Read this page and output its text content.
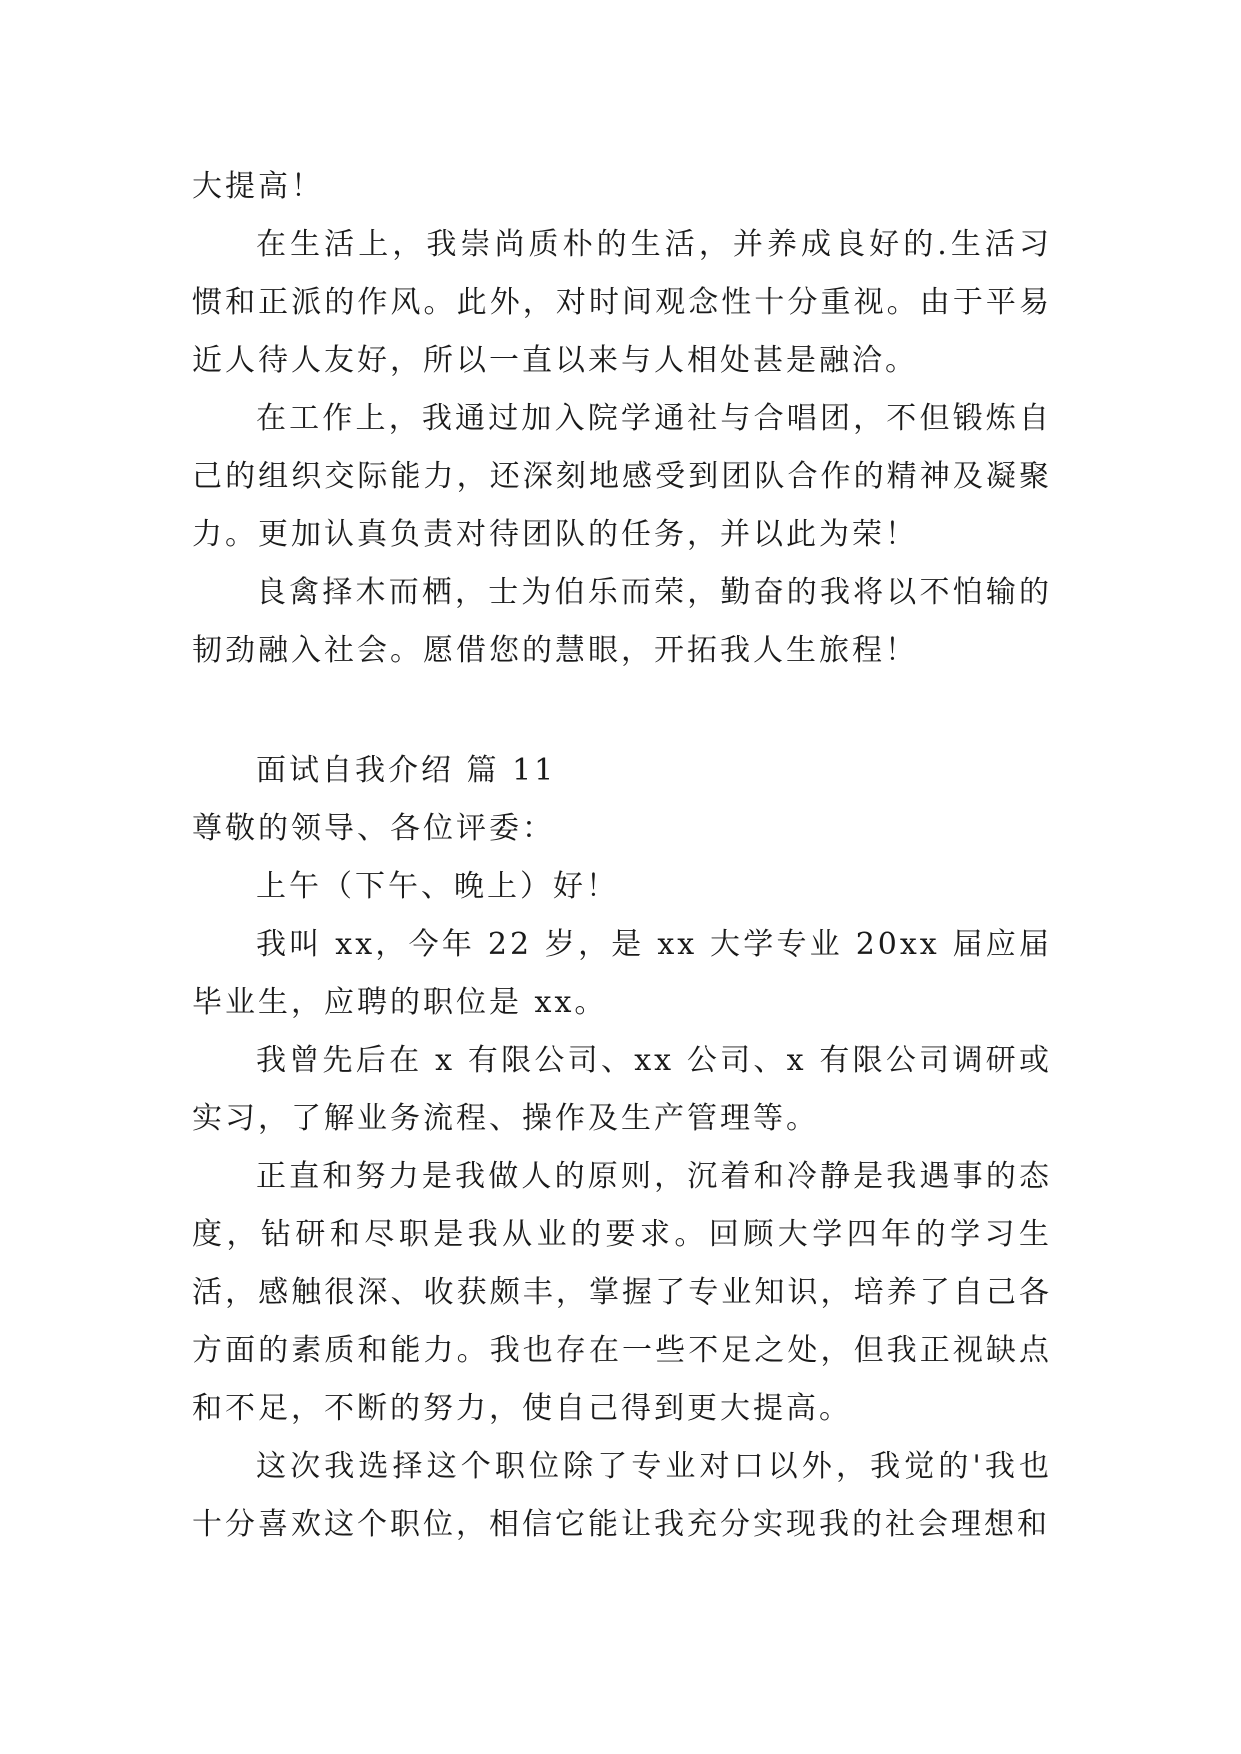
大提高！

在生活上，我崇尚质朴的生活，并养成良好的.生活习惯和正派的作风。此外，对时间观念性十分重视。由于平易近人待人友好，所以一直以来与人相处甚是融洽。

在工作上，我通过加入院学通社与合唱团，不但锻炼自己的组织交际能力，还深刻地感受到团队合作的精神及凝聚力。更加认真负责对待团队的任务，并以此为荣！

良禽择木而栖，士为伯乐而荣，勤奋的我将以不怕输的韧劲融入社会。愿借您的慧眼，开拓我人生旅程！

面试自我介绍 篇 11

尊敬的领导、各位评委：

上午（下午、晚上）好！

我叫 xx，今年 22 岁，是 xx 大学专业 20xx 届应届毕业生，应聘的职位是 xx。

我曾先后在 x 有限公司、xx 公司、x 有限公司调研或实习，了解业务流程、操作及生产管理等。

正直和努力是我做人的原则，沉着和冷静是我遇事的态度，钻研和尽职是我从业的要求。回顾大学四年的学习生活，感触很深、收获颇丰，掌握了专业知识，培养了自己各方面的素质和能力。我也存在一些不足之处，但我正视缺点和不足，不断的努力，使自己得到更大提高。

这次我选择这个职位除了专业对口以外，我觉的'我也十分喜欢这个职位，相信它能让我充分实现我的社会理想和
